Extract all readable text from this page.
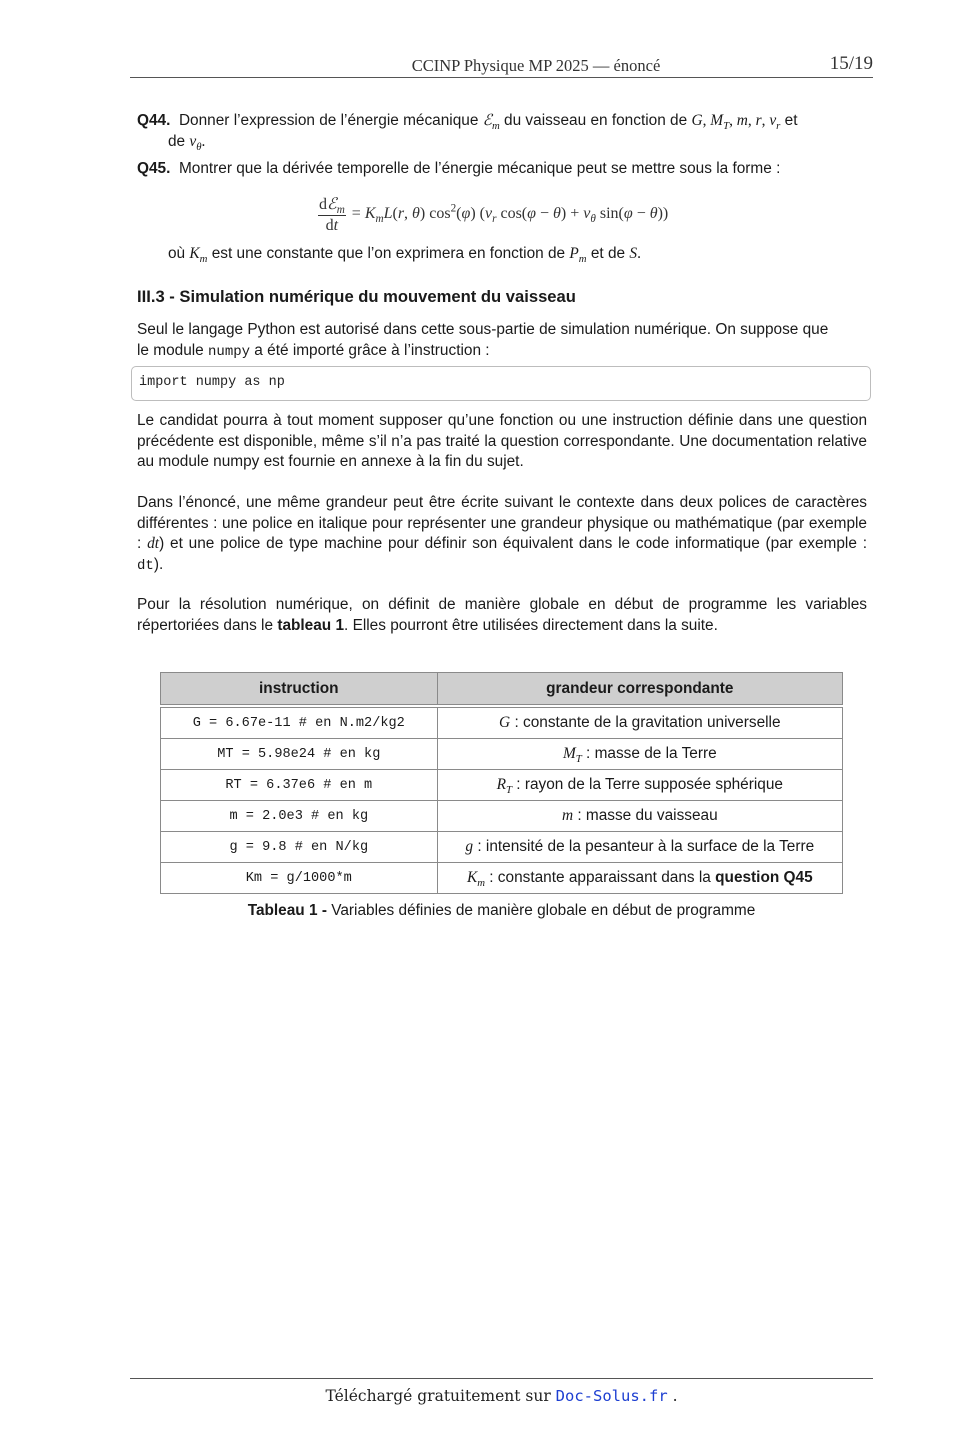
CCINP Physique MP 2025 — énoncé	15/19
Q44. Donner l’expression de l’énergie mécanique ℰ$_m$ du vaisseau en fonction de G, $M_T$, m, r, $v_r$ et
de $v_\theta$.
Q45. Montrer que la dérivée temporelle de l’énergie mécanique peut se mettre sous la forme :
$\frac{dℰ_m}{dt} = K_mL(r$, θ) $\cos^2(\varphi)$ ($v_r$ $\cos(\varphi - \theta) + v_\theta$ sin(φ − θ))
où $K_m$ est une constante que l’on exprimera en fonction de $P_m$ et de S.
III.3 - Simulation numérique du mouvement du vaisseau
Seul le langage Python est autorisé dans cette sous-partie de simulation numérique. On suppose que
le module numpy a été importé grâce à l’instruction :
import numpy as np
Le candidat pourra à tout moment supposer qu’une fonction ou une instruction définie dans une question précédente est disponible, même s’il n’a pas traité la question correspondante. Une documentation relative au module numpy est fournie en annexe à la fin du sujet.
Dans l’énoncé, une même grandeur peut être écrite suivant le contexte dans deux polices de caractères différentes : une police en italique pour représenter une grandeur physique ou mathématique (par exemple : dt) et une police de type machine pour définir son équivalent dans le code informatique (par exemple : dt).
Pour la résolution numérique, on définit de manière globale en début de programme les variables répertoriées dans le tableau 1. Elles pourront être utilisées directement dans la suite.
instruction	grandeur correspondante

G = 6.67e-11 # en N.m2/kg2	G : constante de la gravitation universelle
MT = 5.98e24 # en kg	$M_T$ : masse de la Terre
RT = 6.37e6 # en m	$R_T$ : rayon de la Terre supposée sphérique
m = 2.0e3 # en kg	m : masse du vaisseau
g = 9.8 # en N/kg	g : intensité de la pesanteur à la surface de la Terre
Km = g/1000*m	$K_m$ : constante apparaissant dans la question Q45
Tableau 1 - Variables définies de manière globale en début de programme
Téléchargé gratuitement sur Doc-Solus.fr .
